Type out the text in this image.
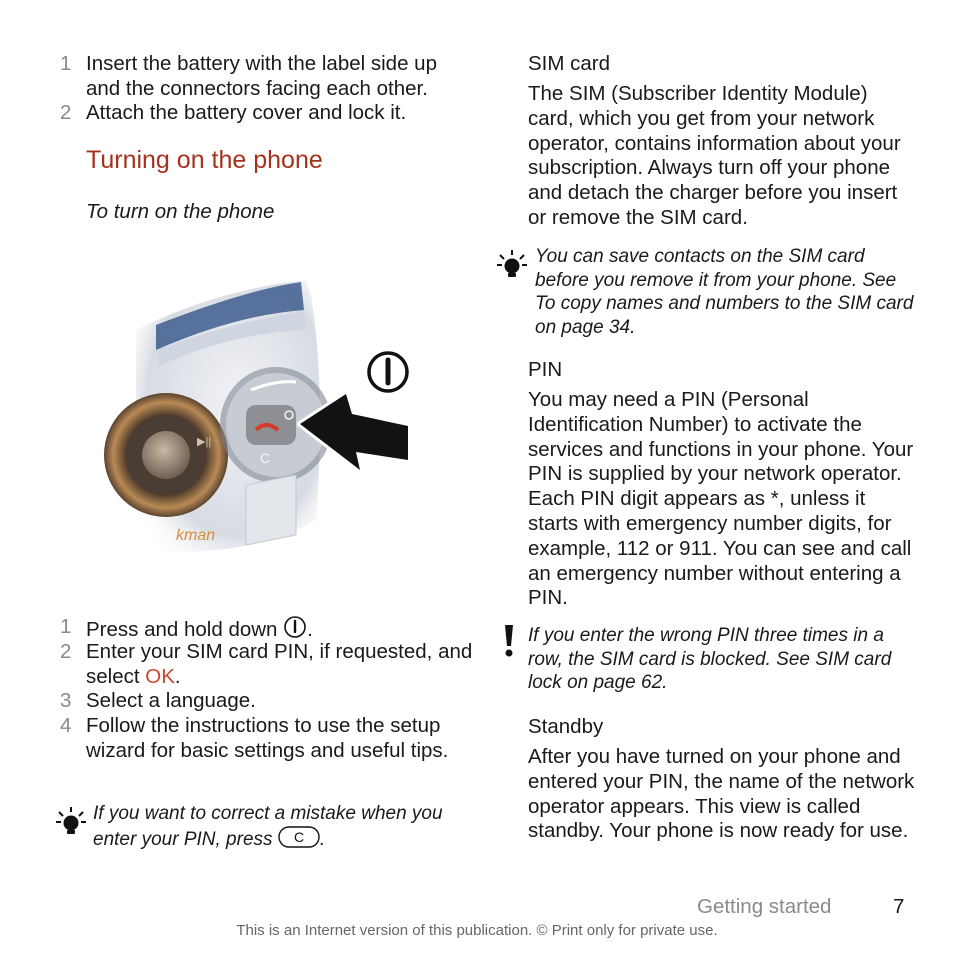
1 Insert the battery with the label side up and the connectors facing each other.
2 Attach the battery cover and lock it.
Turning on the phone
To turn on the phone
▶||
C
kman
1 Press and hold down .
2 Enter your SIM card PIN, if requested, and select OK.
3 Select a language.
4 Follow the instructions to use the setup wizard for basic settings and useful tips.
If you want to correct a mistake when you enter your PIN, press C .
SIM card
The SIM (Subscriber Identity Module) card, which you get from your network operator, contains information about your subscription. Always turn off your phone and detach the charger before you insert or remove the SIM card.
You can save contacts on the SIM card before you remove it from your phone. See To copy names and numbers to the SIM card on page 34.
PIN
You may need a PIN (Personal Identification Number) to activate the services and functions in your phone. Your PIN is supplied by your network operator. Each PIN digit appears as *, unless it starts with emergency number digits, for example, 112 or 911. You can see and call an emergency number without entering a PIN.
If you enter the wrong PIN three times in a row, the SIM card is blocked. See SIM card lock on page 62.
Standby
After you have turned on your phone and entered your PIN, the name of the network operator appears. This view is called standby. Your phone is now ready for use.
Getting started	7
This is an Internet version of this publication. © Print only for private use.
